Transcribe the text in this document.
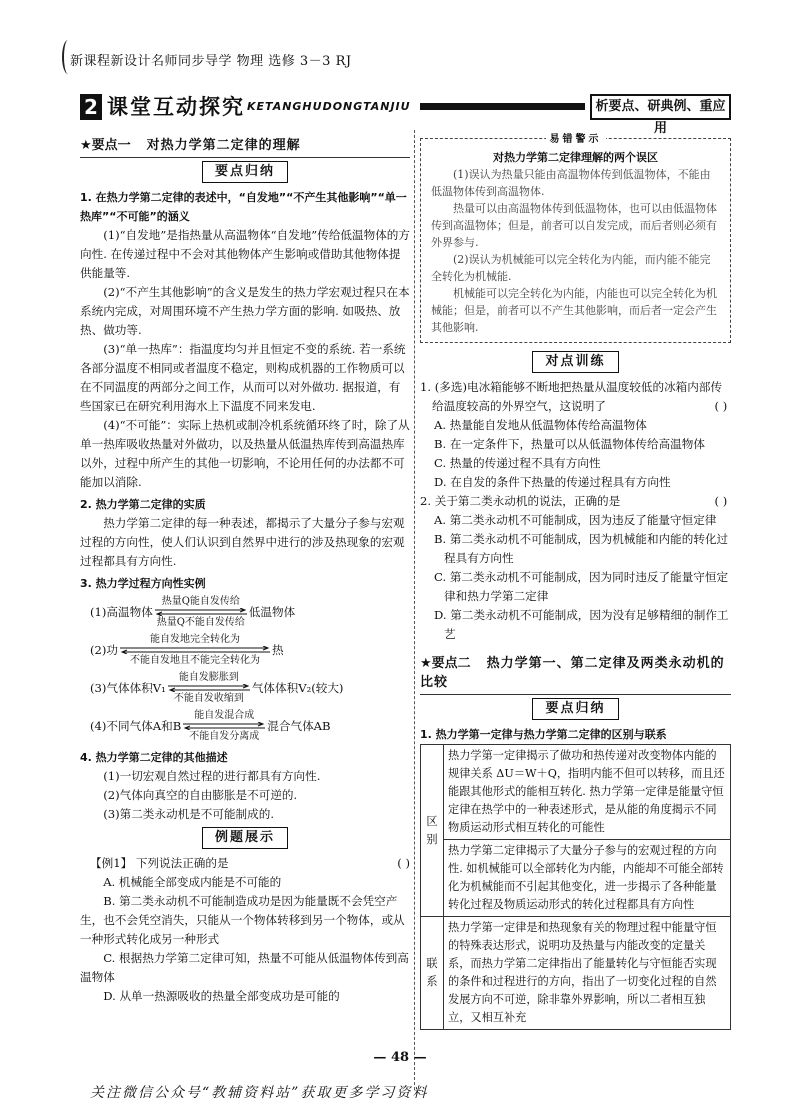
新课程新设计名师同步导学 物理 选修 3－3 RJ
2 课堂互动探究 KETANGHUDONGTANJIU	析要点、研典例、重应用
★要点一 对热力学第二定律的理解
要点归纳

1. 在热力学第二定律的表述中，“自发地”“不产生其他影响”“单一热库”“不可能”的涵义

(1)“自发地”是指热量从高温物体“自发地”传给低温物体的方向性. 在传递过程中不会对其他物体产生影响或借助其他物体提供能量等.

(2)“不产生其他影响”的含义是发生的热力学宏观过程只在本系统内完成，对周围环境不产生热力学方面的影响. 如吸热、放热、做功等.

(3)“单一热库”：指温度均匀并且恒定不变的系统. 若一系统各部分温度不相同或者温度不稳定，则构成机器的工作物质可以在不同温度的两部分之间工作，从而可以对外做功. 据报道，有些国家已在研究利用海水上下温度不同来发电.

(4)“不可能”：实际上热机或制冷机系统循环终了时，除了从单一热库吸收热量对外做功，以及热量从低温热库传到高温热库以外，过程中所产生的其他一切影响，不论用任何的办法都不可能加以消除.

2. 热力学第二定律的实质

热力学第二定律的每一种表述，都揭示了大量分子参与宏观过程的方向性，使人们认识到自然界中进行的涉及热现象的宏观过程都具有方向性.

3. 热力学过程方向性实例

(1)高温物体
热量Q能自发传给
热量Q不能自发传给
低温物体
(2)功
能自发地完全转化为
不能自发地且不能完全转化为
热
(3)气体体积V₁
能自发膨胀到
不能自发收缩到
气体体积V₂(较大)
(4)不同气体A和B
能自发混合成
不能自发分离成
混合气体AB

4. 热力学第二定律的其他描述

(1)一切宏观自然过程的进行都具有方向性.

(2)气体向真空的自由膨胀是不可逆的.

(3)第二类永动机是不可能制成的.

例题展示

【例1】 下列说法正确的是	( )

A. 机械能全部变成内能是不可能的

B. 第二类永动机不可能制造成功是因为能量既不会凭空产生，也不会凭空消失，只能从一个物体转移到另一个物体，或从一种形式转化成另一种形式

C. 根据热力学第二定律可知，热量不可能从低温物体传到高温物体

D. 从单一热源吸收的热量全部变成功是可能的

易错警示

对热力学第二定律理解的两个误区

(1)误认为热量只能由高温物体传到低温物体，不能由低温物体传到高温物体.

热量可以由高温物体传到低温物体，也可以由低温物体传到高温物体；但是，前者可以自发完成，而后者则必须有外界参与.

(2)误认为机械能可以完全转化为内能，而内能不能完全转化为机械能.

机械能可以完全转化为内能，内能也可以完全转化为机械能；但是，前者可以不产生其他影响，而后者一定会产生其他影响.

对点训练

1. (多选)电冰箱能够不断地把热量从温度较低的冰箱内部传给温度较高的外界空气，这说明了	( )

A. 热量能自发地从低温物体传给高温物体

B. 在一定条件下，热量可以从低温物体传给高温物体

C. 热量的传递过程不具有方向性

D. 在自发的条件下热量的传递过程具有方向性

2. 关于第二类永动机的说法，正确的是	( )

A. 第二类永动机不可能制成，因为违反了能量守恒定律

B. 第二类永动机不可能制成，因为机械能和内能的转化过程具有方向性

C. 第二类永动机不可能制成，因为同时违反了能量守恒定律和热力学第二定律

D. 第二类永动机不可能制成，因为没有足够精细的制作工艺

★要点二 热力学第一、第二定律及两类永动机的比较
要点归纳

1. 热力学第一定律与热力学第二定律的区别与联系

区别	热力学第一定律揭示了做功和热传递对改变物体内能的规律关系 ΔU＝W＋Q，指明内能不但可以转移，而且还能跟其他形式的能相互转化. 热力学第一定律是能量守恒定律在热学中的一种表述形式，是从能的角度揭示不同物质运动形式相互转化的可能性
	热力学第二定律揭示了大量分子参与的宏观过程的方向性. 如机械能可以全部转化为内能，内能却不可能全部转化为机械能而不引起其他变化，进一步揭示了各种能量转化过程及物质运动形式的转化过程都具有方向性
联系	热力学第一定律是和热现象有关的物理过程中能量守恒的特殊表达形式，说明功及热量与内能改变的定量关系，而热力学第二定律指出了能量转化与守恒能否实现的条件和过程进行的方向，指出了一切变化过程的自然发展方向不可逆，除非靠外界影响，所以二者相互独立，又相互补充
— 48 —
关注微信公众号“教辅资料站”获取更多学习资料
